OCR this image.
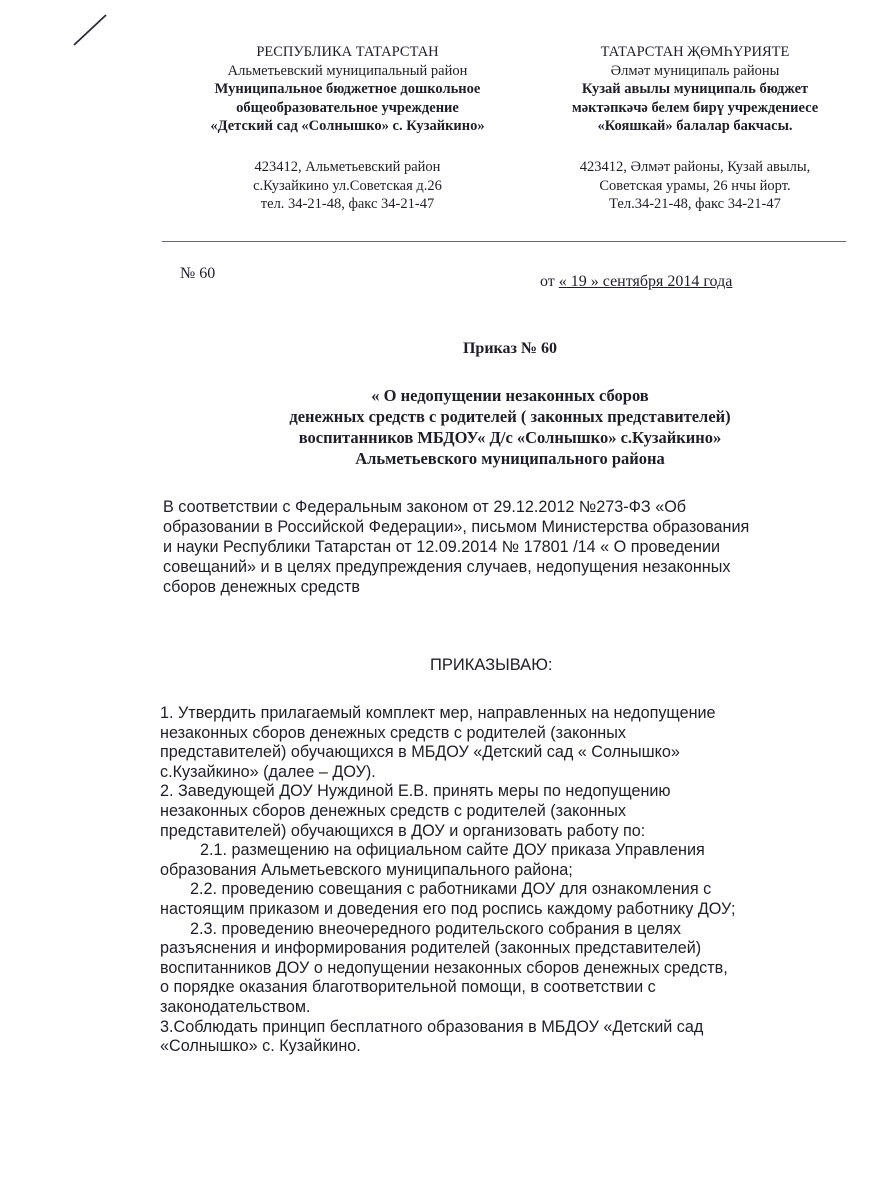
РЕСПУБЛИКА ТАТАРСТАН
Альметьевский муниципальный район
Муниципальное бюджетное дошкольное
общеобразовательное учреждение
«Детский сад «Солнышко» с. Кузайкино»
423412, Альметьевский район
с.Кузайкино ул.Советская д.26
тел. 34-21-48, факс 34-21-47
ТАТАРСТАН ҖӨМҺҮРИЯТЕ
Әлмәт муниципаль районы
Кузай авылы муниципаль бюджет
мәктәпкәчә белем бирү учреждениесе
«Кояшкай» балалар бакчасы.
423412, Әлмәт районы, Кузай авылы,
Советская урамы, 26 нчы йорт.
Тел.34-21-48, факс 34-21-47
№ 60	от « 19 » сентября 2014 года
Приказ № 60
« О недопущении незаконных сборов
денежных средств с родителей ( законных представителей)
воспитанников МБДОУ« Д/с «Солнышко» с.Кузайкино»
Альметьевского муниципального района
В соответствии с Федеральным законом от 29.12.2012 №273-ФЗ «Об
образовании в Российской Федерации», письмом Министерства образования
и науки Республики Татарстан от 12.09.2014 № 17801 /14 « О проведении
совещаний» и в целях предупреждения случаев, недопущения незаконных
сборов денежных средств
ПРИКАЗЫВАЮ:
1. Утвердить прилагаемый комплект мер, направленных на недопущение
незаконных сборов денежных средств с родителей (законных
представителей) обучающихся в МБДОУ «Детский сад « Солнышко»
с.Кузайкино» (далее – ДОУ).
2. Заведующей ДОУ Нуждиной Е.В. принять меры по недопущению
незаконных сборов денежных средств с родителей (законных
представителей) обучающихся в ДОУ и организовать работу по:
2.1. размещению на официальном сайте ДОУ приказа Управления
образования Альметьевского муниципального района;
2.2. проведению совещания с работниками ДОУ для ознакомления с
настоящим приказом и доведения его под роспись каждому работнику ДОУ;
2.3. проведению внеочередного родительского собрания в целях
разъяснения и информирования родителей (законных представителей)
воспитанников ДОУ о недопущении незаконных сборов денежных средств,
о порядке оказания благотворительной помощи, в соответствии с
законодательством.
3.Соблюдать принцип бесплатного образования в МБДОУ «Детский сад
«Солнышко» с. Кузайкино.
